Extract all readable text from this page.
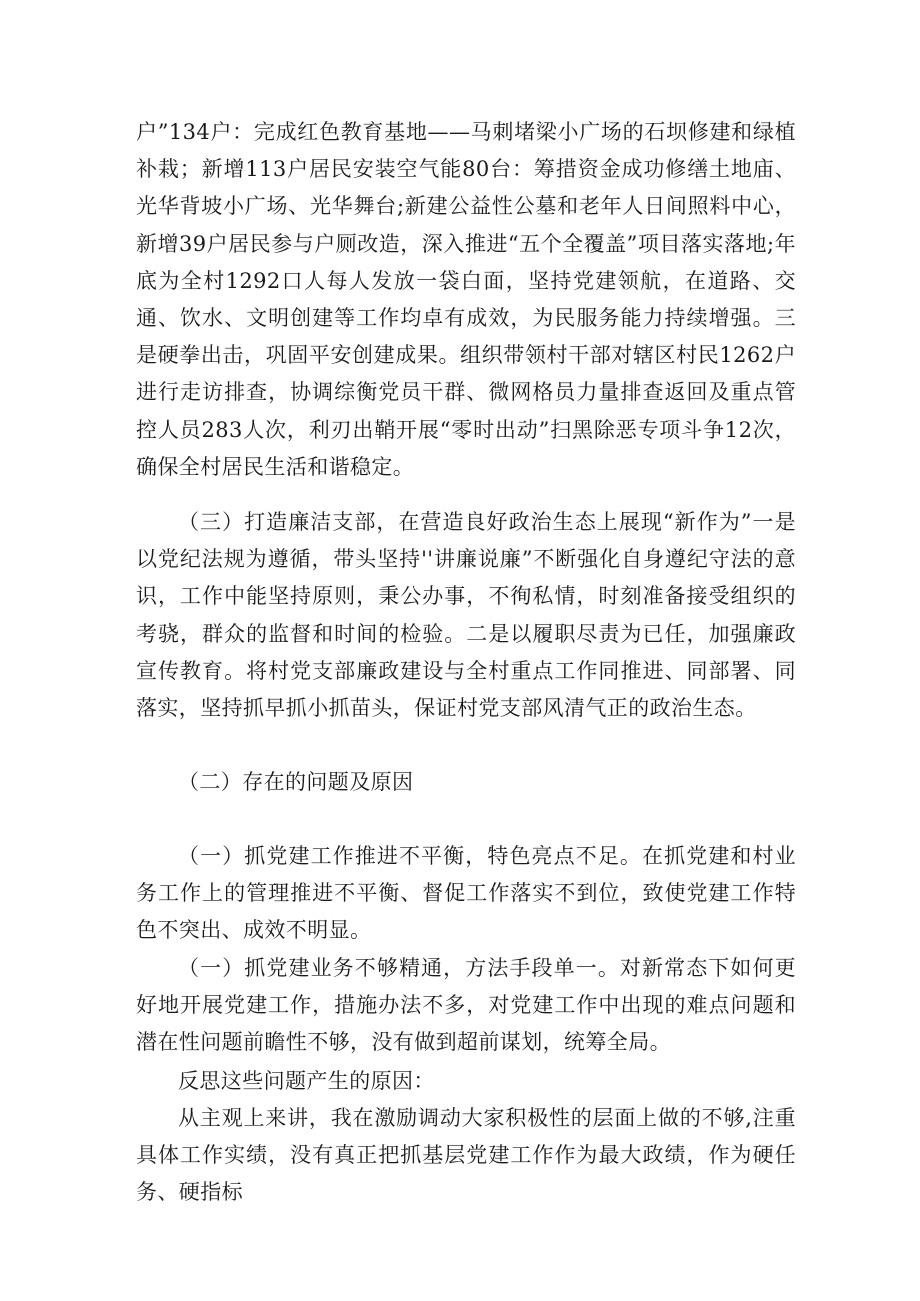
户”134户：完成红色教育基地——马刺堵梁小广场的石坝修建和绿植补栽；新增113户居民安装空气能80台：筹措资金成功修缮土地庙、光华背坡小广场、光华舞台;新建公益性公墓和老年人日间照料中心，新增39户居民参与户厕改造，深入推进“五个全覆盖”项目落实落地;年底为全村1292口人每人发放一袋白面，坚持党建领航，在道路、交通、饮水、文明创建等工作均卓有成效，为民服务能力持续增强。三是硬拳出击，巩固平安创建成果。组织带领村干部对辖区村民1262户进行走访排查，协调综衡党员干群、微网格员力量排查返回及重点管控人员283人次，利刃出鞘开展“零时出动”扫黑除恶专项斗争12次，确保全村居民生活和谐稳定。

（三）打造廉洁支部，在营造良好政治生态上展现“新作为”一是以党纪法规为遵循，带头坚持''讲廉说廉”不断强化自身遵纪守法的意识，工作中能坚持原则，秉公办事，不徇私情，时刻准备接受组织的考骁，群众的监督和时间的检验。二是以履职尽责为已任，加强廉政宣传教育。将村党支部廉政建设与全村重点工作同推进、同部署、同落实，坚持抓早抓小抓苗头，保证村党支部风清气正的政治生态。

（二）存在的问题及原因

（一）抓党建工作推进不平衡，特色亮点不足。在抓党建和村业务工作上的管理推进不平衡、督促工作落实不到位，致使党建工作特色不突出、成效不明显。

（一）抓党建业务不够精通，方法手段单一。对新常态下如何更好地开展党建工作，措施办法不多，对党建工作中出现的难点问题和潜在性问题前瞻性不够，没有做到超前谋划，统筹全局。

反思这些问题产生的原因：

从主观上来讲，我在激励调动大家积极性的层面上做的不够,注重具体工作实绩，没有真正把抓基层党建工作作为最大政绩，作为硬任务、硬指标
